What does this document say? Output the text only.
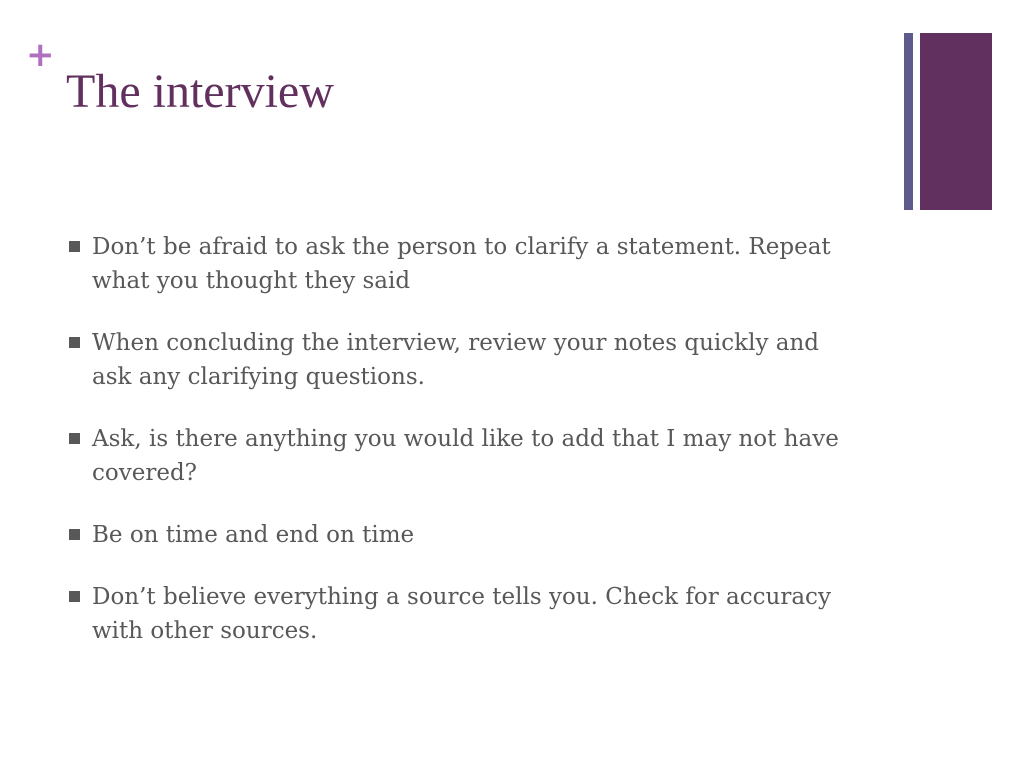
+
The interview
Don’t be afraid to ask the person to clarify a statement. Repeat what you thought they said
When concluding the interview, review your notes quickly and ask any clarifying questions.
Ask, is there anything you would like to add that I may not have covered?
Be on time and end on time
Don’t believe everything a source tells you. Check for accuracy with other sources.
